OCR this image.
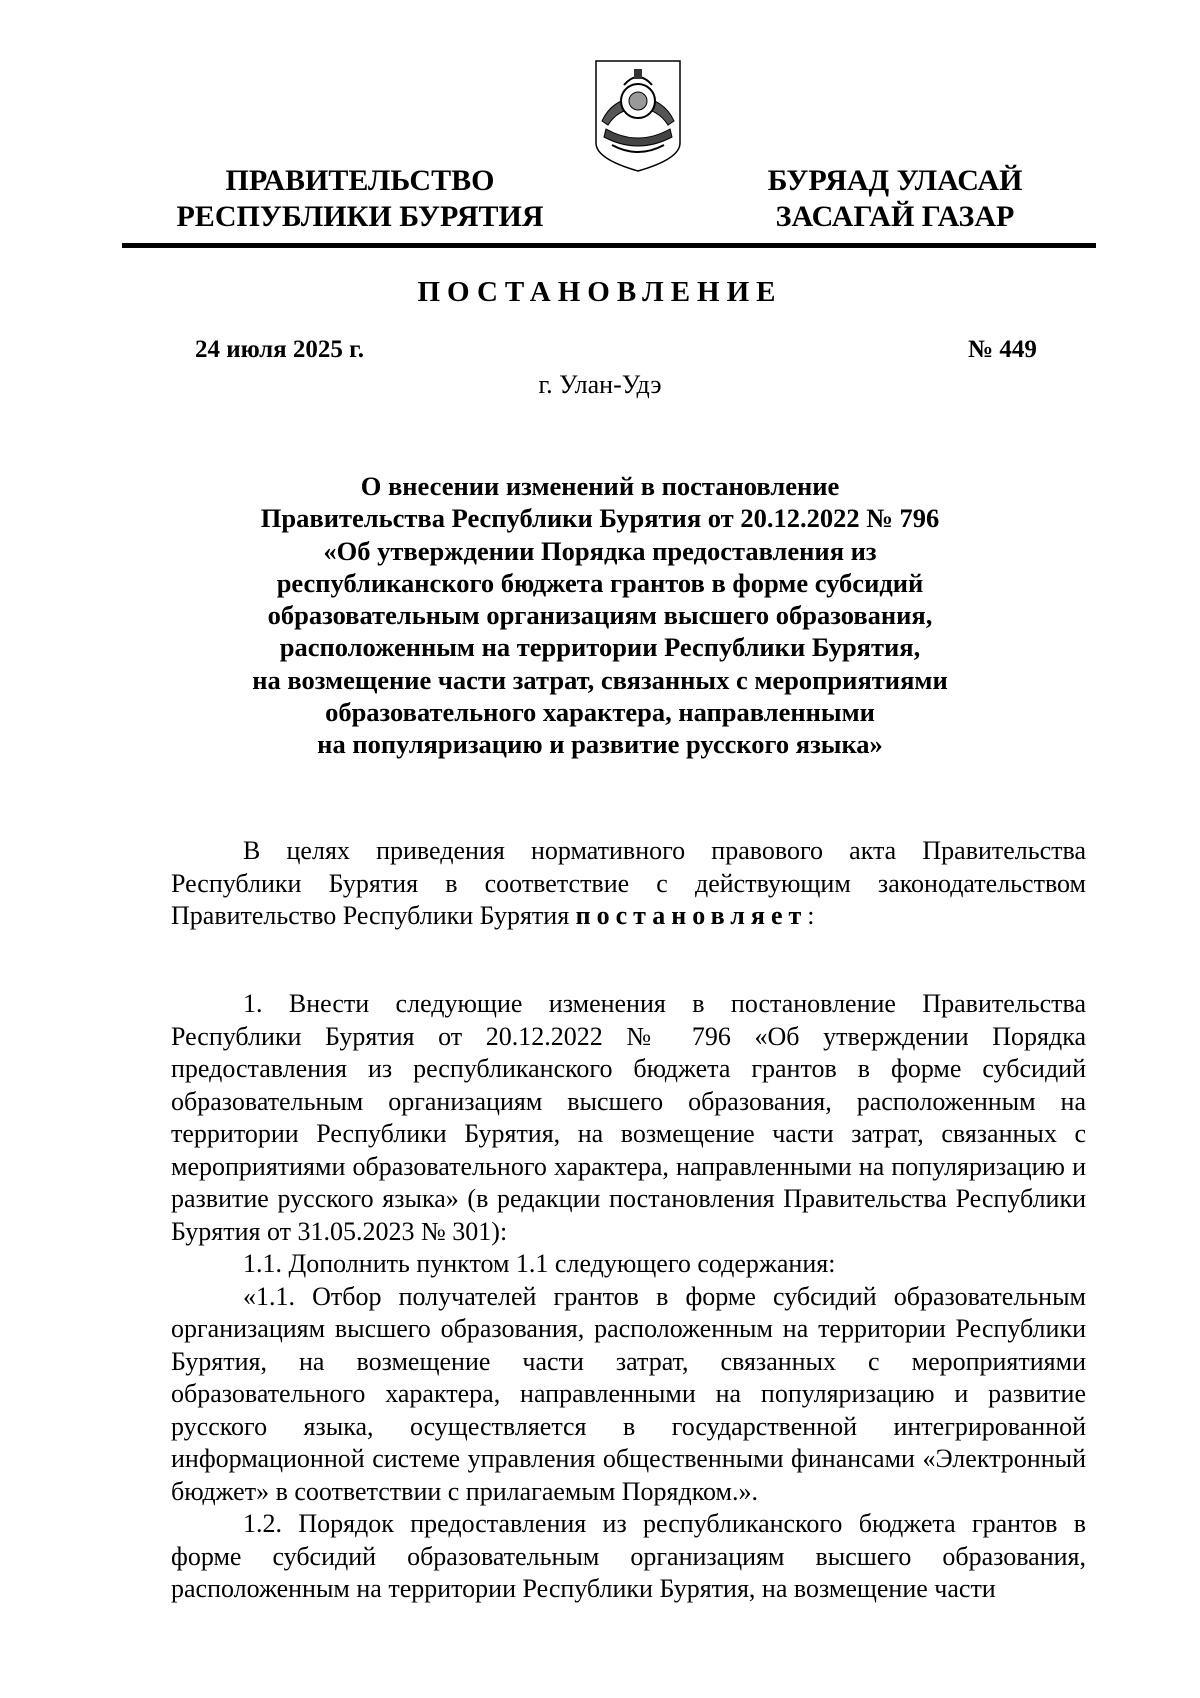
ПРАВИТЕЛЬСТВО
РЕСПУБЛИКИ БУРЯТИЯ
БУРЯАД УЛАСАЙ
ЗАСАГАЙ ГАЗАР
ПОСТАНОВЛЕНИЕ
24 июля 2025 г.	№ 449
г. Улан-Удэ
О внесении изменений в постановление
Правительства Республики Бурятия от 20.12.2022 № 796
«Об утверждении Порядка предоставления из
республиканского бюджета грантов в форме субсидий
образовательным организациям высшего образования,
расположенным на территории Республики Бурятия,
на возмещение части затрат, связанных с мероприятиями
образовательного характера, направленными
на популяризацию и развитие русского языка»

В целях приведения нормативного правового акта Правительства Республики Бурятия в соответствие с действующим законодательством Правительство Республики Бурятия постановляет:

1. Внести следующие изменения в постановление Правительства Республики Бурятия от 20.12.2022 № 796 «Об утверждении Порядка предоставления из республиканского бюджета грантов в форме субсидий образовательным организациям высшего образования, расположенным на территории Республики Бурятия, на возмещение части затрат, связанных с мероприятиями образовательного характера, направленными на популяризацию и развитие русского языка» (в редакции постановления Правительства Республики Бурятия от 31.05.2023 № 301):

1.1. Дополнить пунктом 1.1 следующего содержания:

«1.1. Отбор получателей грантов в форме субсидий образовательным организациям высшего образования, расположенным на территории Республики Бурятия, на возмещение части затрат, связанных с мероприятиями образовательного характера, направленными на популяризацию и развитие русского языка, осуществляется в государственной интегрированной информационной системе управления общественными финансами «Электронный бюджет» в соответствии с прилагаемым Порядком.».

1.2. Порядок предоставления из республиканского бюджета грантов в форме субсидий образовательным организациям высшего образования, расположенным на территории Республики Бурятия, на возмещение части
